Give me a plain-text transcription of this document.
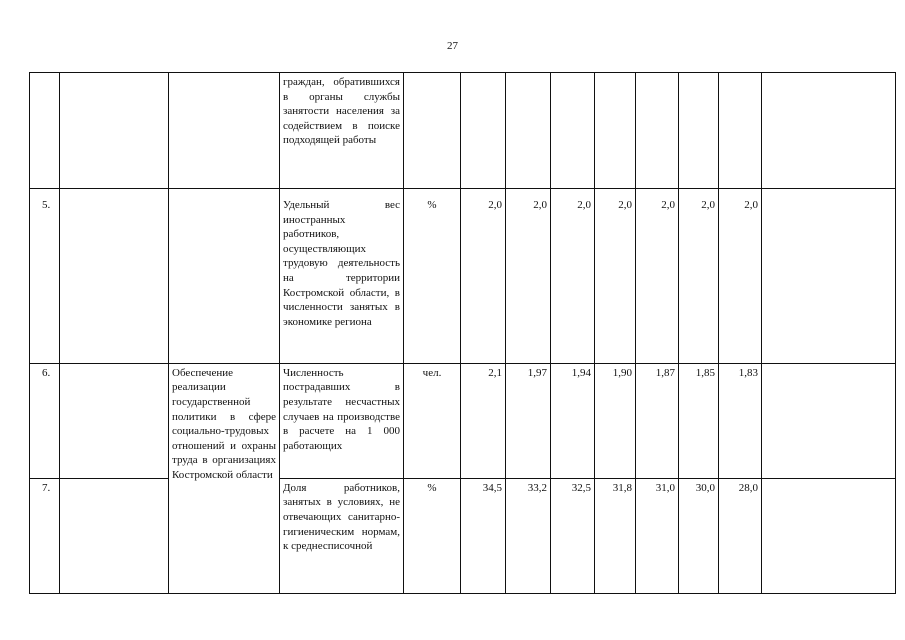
27
			граждан, обратившихся в органы службы занятости населения за содействием в поиске подходящей работы									
5.			Удельный вес иностранных работников, осуществляющих трудовую деятельность на территории Костромской области, в численности занятых в экономике региона	%	2,0	2,0	2,0	2,0	2,0	2,0	2,0	
6.		Обеспечение реализации государственной политики в сфере социально-трудовых отношений и охраны труда в организациях Костромской области	Численность пострадавших в результате несчастных случаев на производстве в расчете на 1 000 работающих	чел.	2,1	1,97	1,94	1,90	1,87	1,85	1,83	
7.			Доля работников, занятых в условиях, не отвечающих санитарно-гигиеническим нормам, к среднесписочной	%	34,5	33,2	32,5	31,8	31,0	30,0	28,0	
